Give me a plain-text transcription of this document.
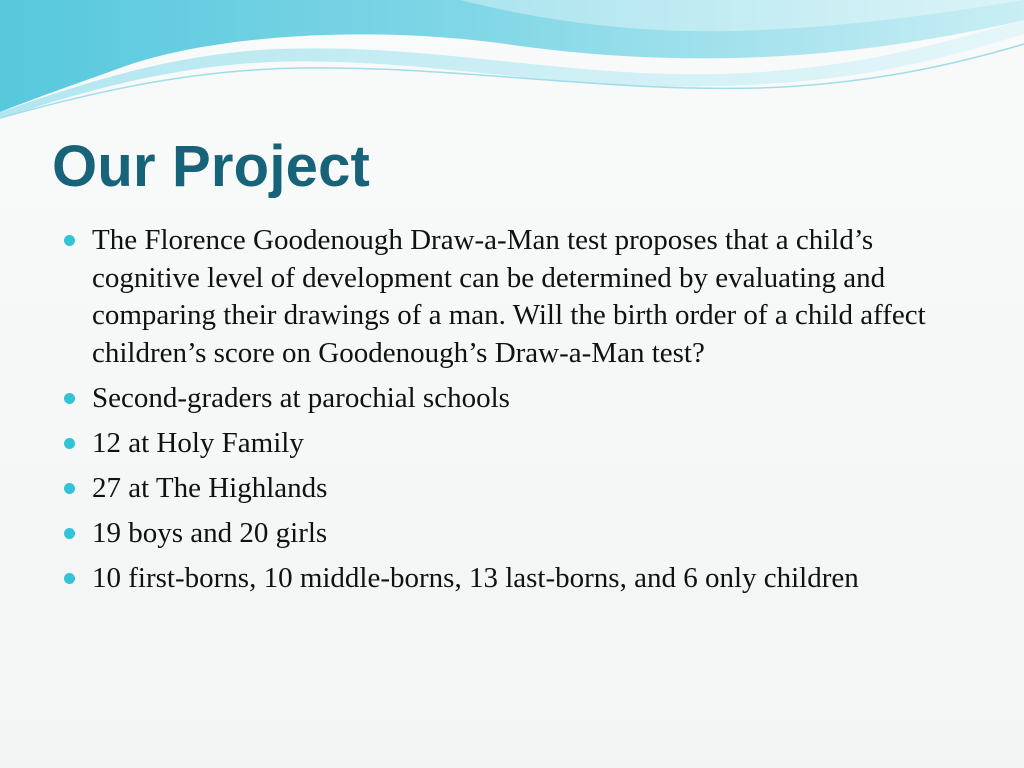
Our Project
The Florence Goodenough Draw-a-Man test proposes that a child’s cognitive level of development can be determined by evaluating and comparing their drawings of a man. Will the birth order of a child affect children’s score on Goodenough’s Draw-a-Man test?
Second-graders at parochial schools
12 at Holy Family
27 at The Highlands
19 boys and 20 girls
10 first-borns, 10 middle-borns, 13 last-borns, and 6 only children
